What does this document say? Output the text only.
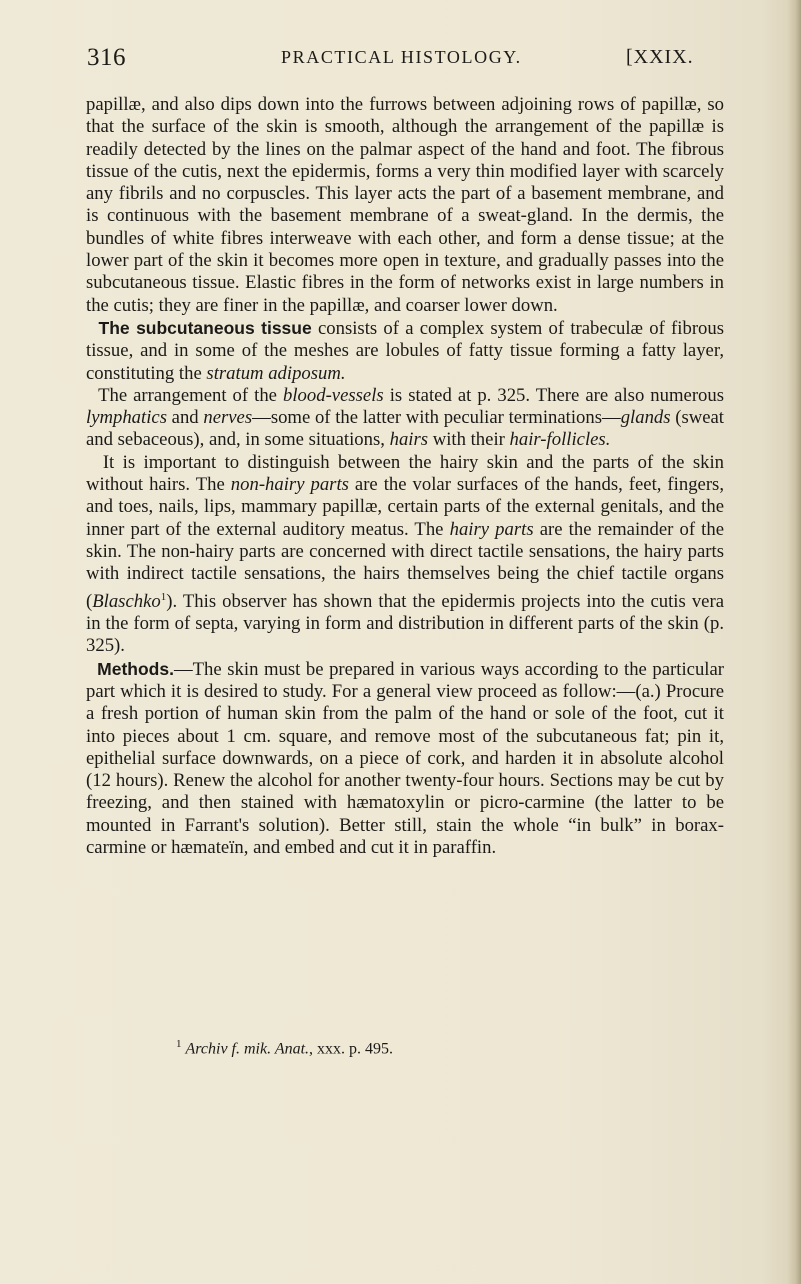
316	PRACTICAL HISTOLOGY.	[XXIX.

papillæ, and also dips down into the furrows between adjoining rows of papillæ, so that the surface of the skin is smooth, although the arrangement of the papillæ is readily detected by the lines on the palmar aspect of the hand and foot. The fibrous tissue of the cutis, next the epidermis, forms a very thin modified layer with scarcely any fibrils and no corpuscles. This layer acts the part of a basement membrane, and is continuous with the basement membrane of a sweat-gland. In the dermis, the bundles of white fibres interweave with each other, and form a dense tissue; at the lower part of the skin it becomes more open in texture, and gradually passes into the subcutaneous tissue. Elastic fibres in the form of networks exist in large numbers in the cutis; they are finer in the papillæ, and coarser lower down.

The subcutaneous tissue consists of a complex system of trabeculæ of fibrous tissue, and in some of the meshes are lobules of fatty tissue forming a fatty layer, constituting the stratum adiposum.

The arrangement of the blood-vessels is stated at p. 325. There are also numerous lymphatics and nerves—some of the latter with peculiar terminations—glands (sweat and sebaceous), and, in some situations, hairs with their hair-follicles.

It is important to distinguish between the hairy skin and the parts of the skin without hairs. The non-hairy parts are the volar surfaces of the hands, feet, fingers, and toes, nails, lips, mammary papillæ, certain parts of the external genitals, and the inner part of the external auditory meatus. The hairy parts are the remainder of the skin. The non-hairy parts are concerned with direct tactile sensations, the hairy parts with indirect tactile sensations, the hairs themselves being the chief tactile organs (Blaschko$^1$). This observer has shown that the epidermis projects into the cutis vera in the form of septa, varying in form and distribution in different parts of the skin (p. 325).

Methods.—The skin must be prepared in various ways according to the particular part which it is desired to study. For a general view proceed as follow:—(a.) Procure a fresh portion of human skin from the palm of the hand or sole of the foot, cut it into pieces about 1 cm. square, and remove most of the subcutaneous fat; pin it, epithelial surface downwards, on a piece of cork, and harden it in absolute alcohol (12 hours). Renew the alcohol for another twenty-four hours. Sections may be cut by freezing, and then stained with hæmatoxylin or picro-carmine (the latter to be mounted in Farrant's solution). Better still, stain the whole “in bulk” in borax-carmine or hæmateïn, and embed and cut it in paraffin.

$^1$ Archiv f. mik. Anat., xxx. p. 495.
